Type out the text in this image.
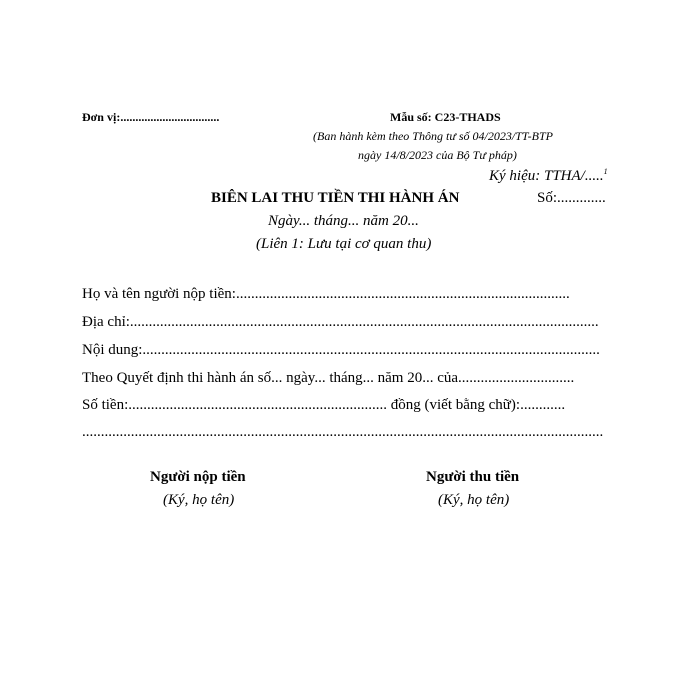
Đơn vị:.................................	Mẫu số: C23-THADS
(Ban hành kèm theo Thông tư số 04/2023/TT-BTP
ngày 14/8/2023 của Bộ Tư pháp)
Ký hiệu: TTHA/.....$^1$
BIÊN LAI THU TIỀN THI HÀNH ÁN	Số:.............
Ngày... tháng... năm 20...
(Liên 1: Lưu tại cơ quan thu)
Họ và tên người nộp tiền:.........................................................................................
Địa chỉ:.............................................................................................................................
Nội dung:..........................................................................................................................
Theo Quyết định thi hành án số... ngày... tháng... năm 20... của...............................
Số tiền:..................................................................... đồng (viết bằng chữ):............
...........................................................................................................................................
Người nộp tiền
(Ký, họ tên)
Người thu tiền
(Ký, họ tên)
